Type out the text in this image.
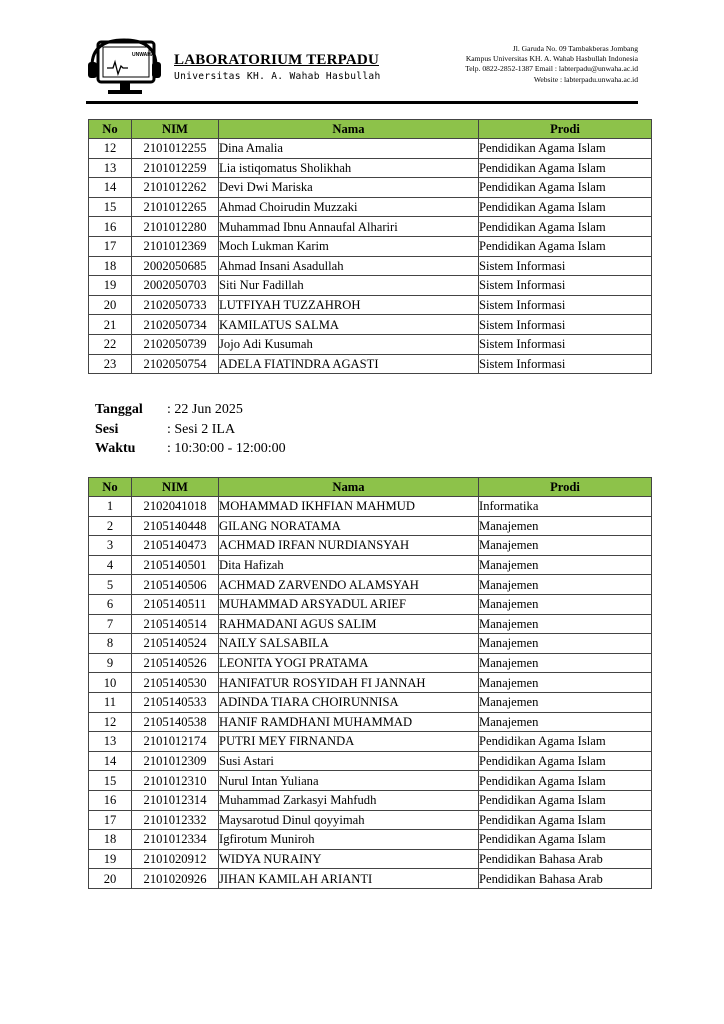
UNWAHA LABORATORIUM TERPADU
Universitas KH. A. Wahab Hasbullah
Jl. Garuda No. 09 Tambakberas Jombang
Kampus Universitas KH. A. Wahab Hasbullah Indonesia
Telp. 0822-2852-1387 Email : labterpadu@unwaha.ac.id
Website : labterpadu.unwaha.ac.id
No	NIM	Nama	Prodi
12	2101012255	Dina Amalia	Pendidikan Agama Islam
13	2101012259	Lia istiqomatus Sholikhah	Pendidikan Agama Islam
14	2101012262	Devi Dwi Mariska	Pendidikan Agama Islam
15	2101012265	Ahmad Choirudin Muzzaki	Pendidikan Agama Islam
16	2101012280	Muhammad Ibnu Annaufal Alhariri	Pendidikan Agama Islam
17	2101012369	Moch Lukman Karim	Pendidikan Agama Islam
18	2002050685	Ahmad Insani Asadullah	Sistem Informasi
19	2002050703	Siti Nur Fadillah	Sistem Informasi
20	2102050733	LUTFIYAH TUZZAHROH	Sistem Informasi
21	2102050734	KAMILATUS SALMA	Sistem Informasi
22	2102050739	Jojo Adi Kusumah	Sistem Informasi
23	2102050754	ADELA FIATINDRA AGASTI	Sistem Informasi
Tanggal	: 22 Jun 2025
Sesi	: Sesi 2 ILA
Waktu	: 10:30:00 - 12:00:00
No	NIM	Nama	Prodi
1	2102041018	MOHAMMAD IKHFIAN MAHMUD	Informatika
2	2105140448	GILANG NORATAMA	Manajemen
3	2105140473	ACHMAD IRFAN NURDIANSYAH	Manajemen
4	2105140501	Dita Hafizah	Manajemen
5	2105140506	ACHMAD ZARVENDO ALAMSYAH	Manajemen
6	2105140511	MUHAMMAD ARSYADUL ARIEF	Manajemen
7	2105140514	RAHMADANI AGUS SALIM	Manajemen
8	2105140524	NAILY SALSABILA	Manajemen
9	2105140526	LEONITA YOGI PRATAMA	Manajemen
10	2105140530	HANIFATUR ROSYIDAH FI JANNAH	Manajemen
11	2105140533	ADINDA TIARA CHOIRUNNISA	Manajemen
12	2105140538	HANIF RAMDHANI MUHAMMAD	Manajemen
13	2101012174	PUTRI MEY FIRNANDA	Pendidikan Agama Islam
14	2101012309	Susi Astari	Pendidikan Agama Islam
15	2101012310	Nurul Intan Yuliana	Pendidikan Agama Islam
16	2101012314	Muhammad Zarkasyi Mahfudh	Pendidikan Agama Islam
17	2101012332	Maysarotud Dinul qoyyimah	Pendidikan Agama Islam
18	2101012334	Igfirotum Muniroh	Pendidikan Agama Islam
19	2101020912	WIDYA NURAINY	Pendidikan Bahasa Arab
20	2101020926	JIHAN KAMILAH ARIANTI	Pendidikan Bahasa Arab
